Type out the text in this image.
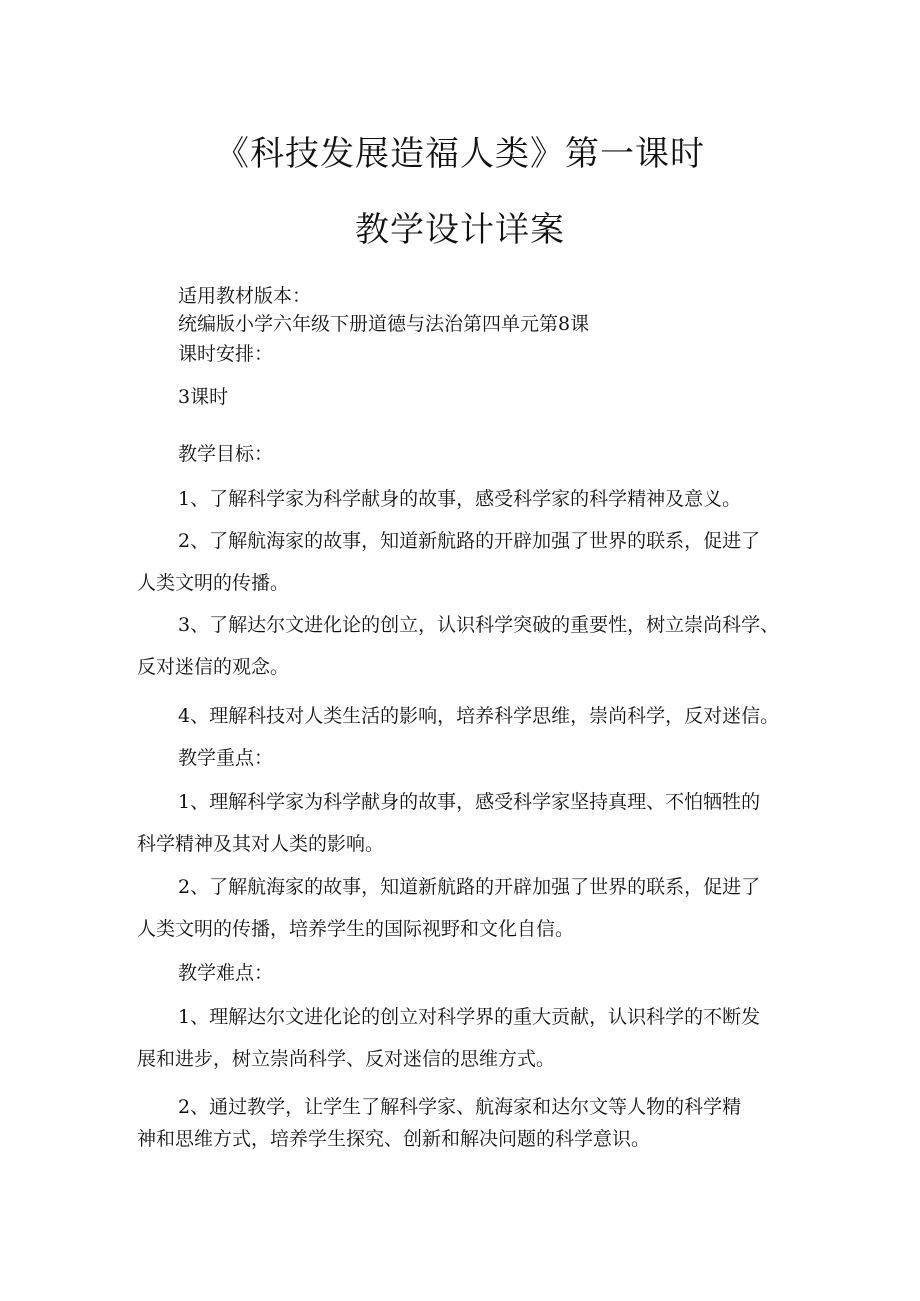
《科技发展造福人类》第一课时
教学设计详案
适用教材版本：
统编版小学六年级下册道德与法治第四单元第8课
课时安排：
3课时
教学目标：
1、了解科学家为科学献身的故事，感受科学家的科学精神及意义。
2、了解航海家的故事，知道新航路的开辟加强了世界的联系，促进了
人类文明的传播。
3、了解达尔文进化论的创立，认识科学突破的重要性，树立崇尚科学、
反对迷信的观念。
4、理解科技对人类生活的影响，培养科学思维，崇尚科学，反对迷信。
教学重点：
1、理解科学家为科学献身的故事，感受科学家坚持真理、不怕牺牲的
科学精神及其对人类的影响。
2、了解航海家的故事，知道新航路的开辟加强了世界的联系，促进了
人类文明的传播，培养学生的国际视野和文化自信。
教学难点：
1、理解达尔文进化论的创立对科学界的重大贡献，认识科学的不断发
展和进步，树立崇尚科学、反对迷信的思维方式。
2、通过教学，让学生了解科学家、航海家和达尔文等人物的科学精
神和思维方式，培养学生探究、创新和解决问题的科学意识。
